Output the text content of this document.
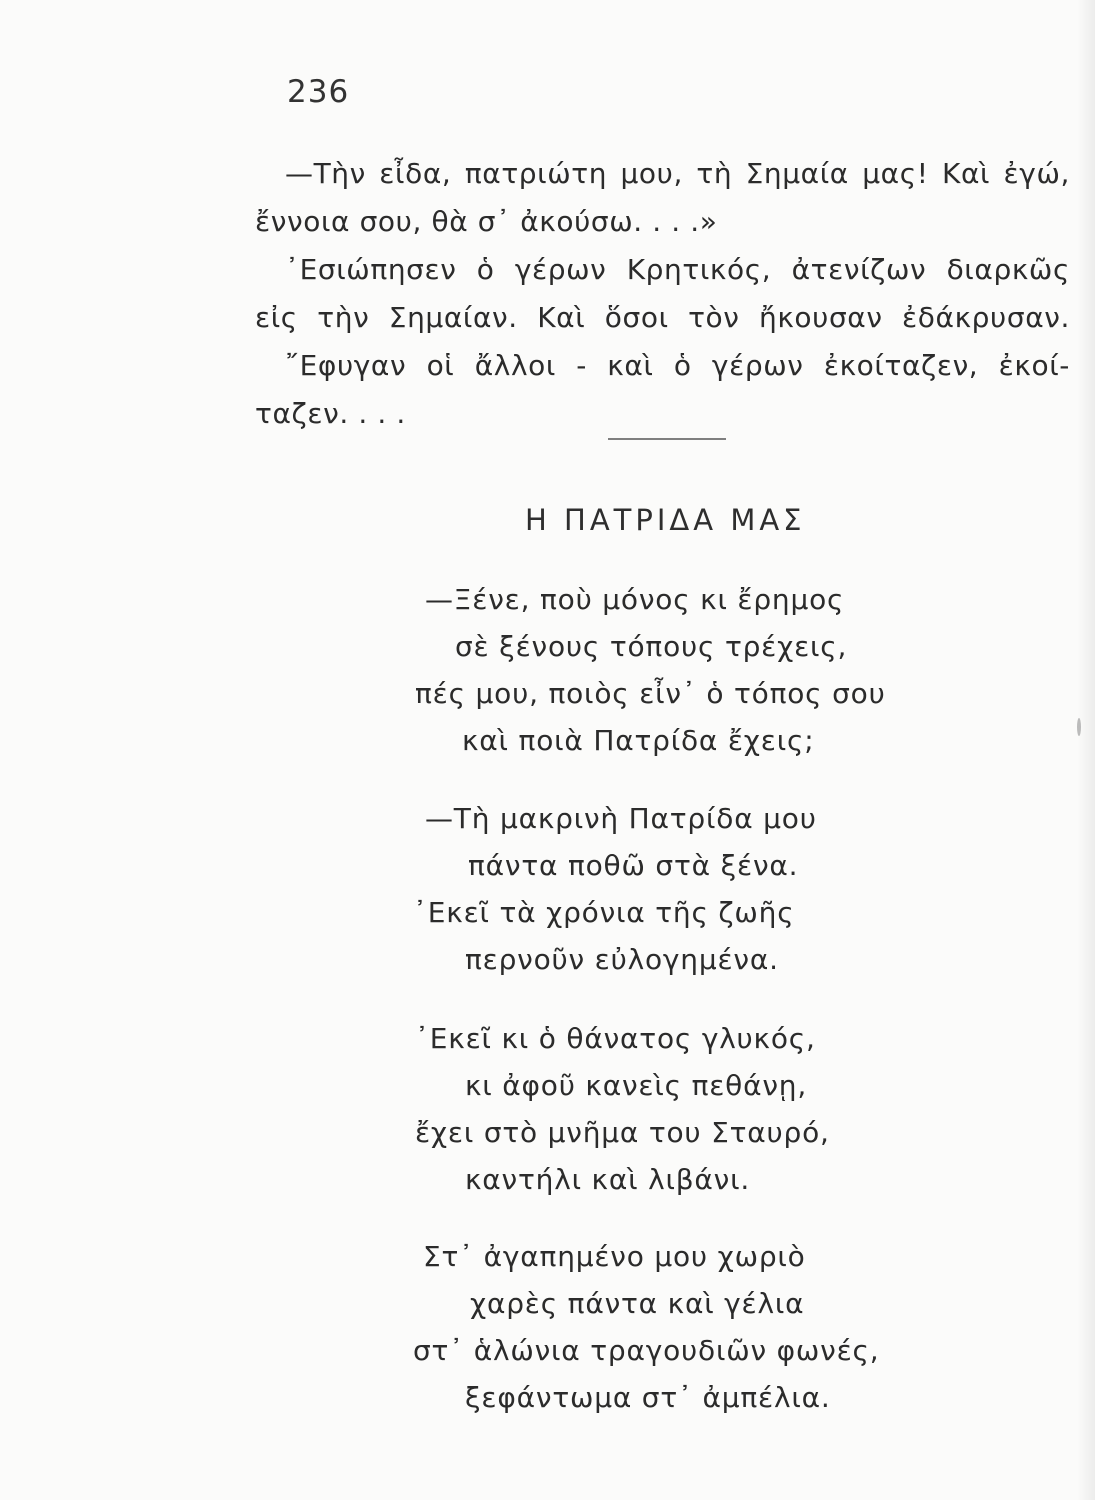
236

—Τὴν εἶδα, πατριώτη μου, τὴ Σημαία μας! Καὶ ἐγώ,

ἔννοια σου, θὰ σ᾽ ἀκούσω. . . .»

᾽Εσιώπησεν ὁ γέρων Κρητικός, ἀτενίζων διαρκῶς

εἰς τὴν Σημαίαν. Καὶ ὅσοι τὸν ἤκουσαν ἐδάκρυσαν.

῎Εφυγαν οἱ ἄλλοι - καὶ ὁ γέρων ἐκοίταζεν, ἐκοί-

ταζεν. . . .

Η ΠΑΤΡΙΔΑ ΜΑΣ
—Ξένε, ποὺ μόνος κι ἔρημος
σὲ ξένους τόπους τρέχεις,
πές μου, ποιὸς εἶν᾽ ὁ τόπος σου
καὶ ποιὰ Πατρίδα ἔχεις;
—Τὴ μακρινὴ Πατρίδα μου
πάντα ποθῶ στὰ ξένα.
᾽Εκεῖ τὰ χρόνια τῆς ζωῆς
περνοῦν εὐλογημένα.
᾽Εκεῖ κι ὁ θάνατος γλυκός,
κι ἀφοῦ κανεὶς πεθάνῃ,
ἔχει στὸ μνῆμα του Σταυρό,
καντήλι καὶ λιβάνι.
Στ᾽ ἀγαπημένο μου χωριὸ
χαρὲς πάντα καὶ γέλια
στ᾽ ἁλώνια τραγουδιῶν φωνές,
ξεφάντωμα στ᾽ ἀμπέλια.
